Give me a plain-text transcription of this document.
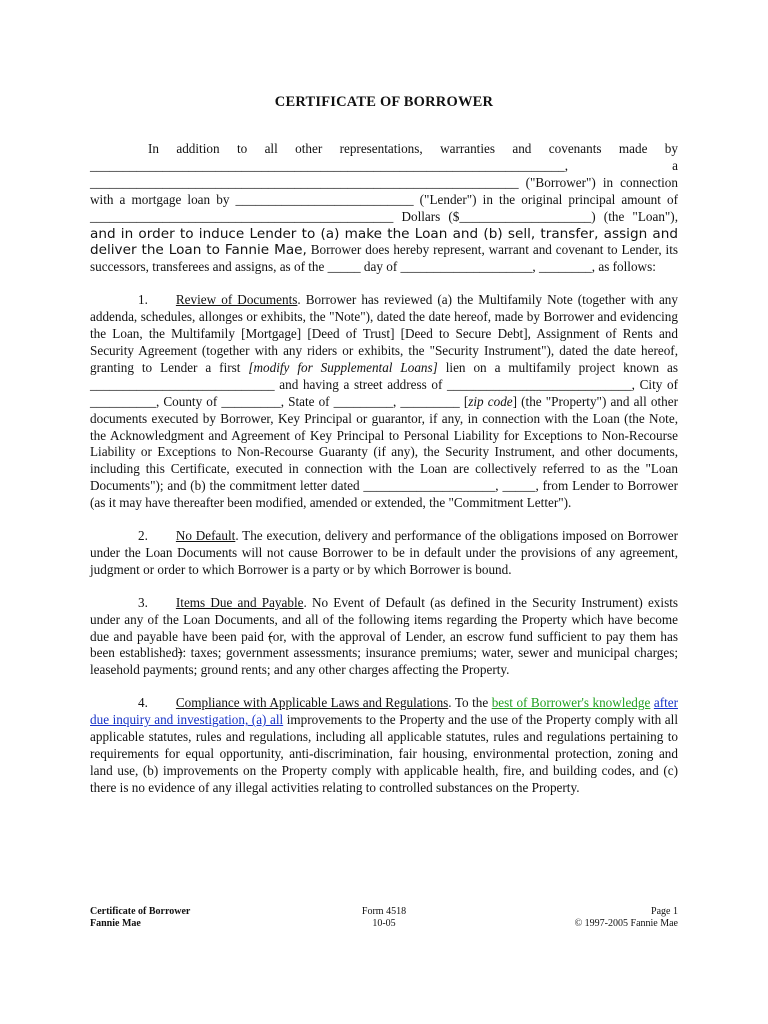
CERTIFICATE OF BORROWER

In addition to all other representations, warranties and covenants made by ________________________________________________________________________, a _________________________________________________________________ ("Borrower") in connection with a mortgage loan by ___________________________ ("Lender") in the original principal amount of ______________________________________________ Dollars ($____________________) (the "Loan"), and in order to induce Lender to (a) make the Loan and (b) sell, transfer, assign and deliver the Loan to Fannie Mae, Borrower does hereby represent, warrant and covenant to Lender, its successors, transferees and assigns, as of the _____ day of ____________________, ________, as follows:

1. Review of Documents. Borrower has reviewed (a) the Multifamily Note (together with any addenda, schedules, allonges or exhibits, the "Note"), dated the date hereof, made by Borrower and evidencing the Loan, the Multifamily [Mortgage] [Deed of Trust] [Deed to Secure Debt], Assignment of Rents and Security Agreement (together with any riders or exhibits, the "Security Instrument"), dated the date hereof, granting to Lender a first [modify for Supplemental Loans] lien on a multifamily project known as ____________________________ and having a street address of ____________________________, City of __________, County of _________, State of _________, _________ [zip code] (the "Property") and all other documents executed by Borrower, Key Principal or guarantor, if any, in connection with the Loan (the Note, the Acknowledgment and Agreement of Key Principal to Personal Liability for Exceptions to Non-Recourse Liability or Exceptions to Non-Recourse Guaranty (if any), the Security Instrument, and other documents, including this Certificate, executed in connection with the Loan are collectively referred to as the "Loan Documents"); and (b) the commitment letter dated ____________________, _____, from Lender to Borrower (as it may have thereafter been modified, amended or extended, the "Commitment Letter").

2. No Default. The execution, delivery and performance of the obligations imposed on Borrower under the Loan Documents will not cause Borrower to be in default under the provisions of any agreement, judgment or order to which Borrower is a party or by which Borrower is bound.

3. Items Due and Payable. No Event of Default (as defined in the Security Instrument) exists under any of the Loan Documents, and all of the following items regarding the Property which have become due and payable have been paid (or, with the approval of Lender, an escrow fund sufficient to pay them has been established): taxes; government assessments; insurance premiums; water, sewer and municipal charges; leasehold payments; ground rents; and any other charges affecting the Property.

4. Compliance with Applicable Laws and Regulations. To the best of Borrower's knowledge after due inquiry and investigation, (a) all improvements to the Property and the use of the Property comply with all applicable statutes, rules and regulations, including all applicable statutes, rules and regulations pertaining to requirements for equal opportunity, anti-discrimination, fair housing, environmental protection, zoning and land use, (b) improvements on the Property comply with applicable health, fire, and building codes, and (c) there is no evidence of any illegal activities relating to controlled substances on the Property.

Certificate of Borrower	Form 4518	Page 1
Fannie Mae	10-05	© 1997-2005 Fannie Mae
